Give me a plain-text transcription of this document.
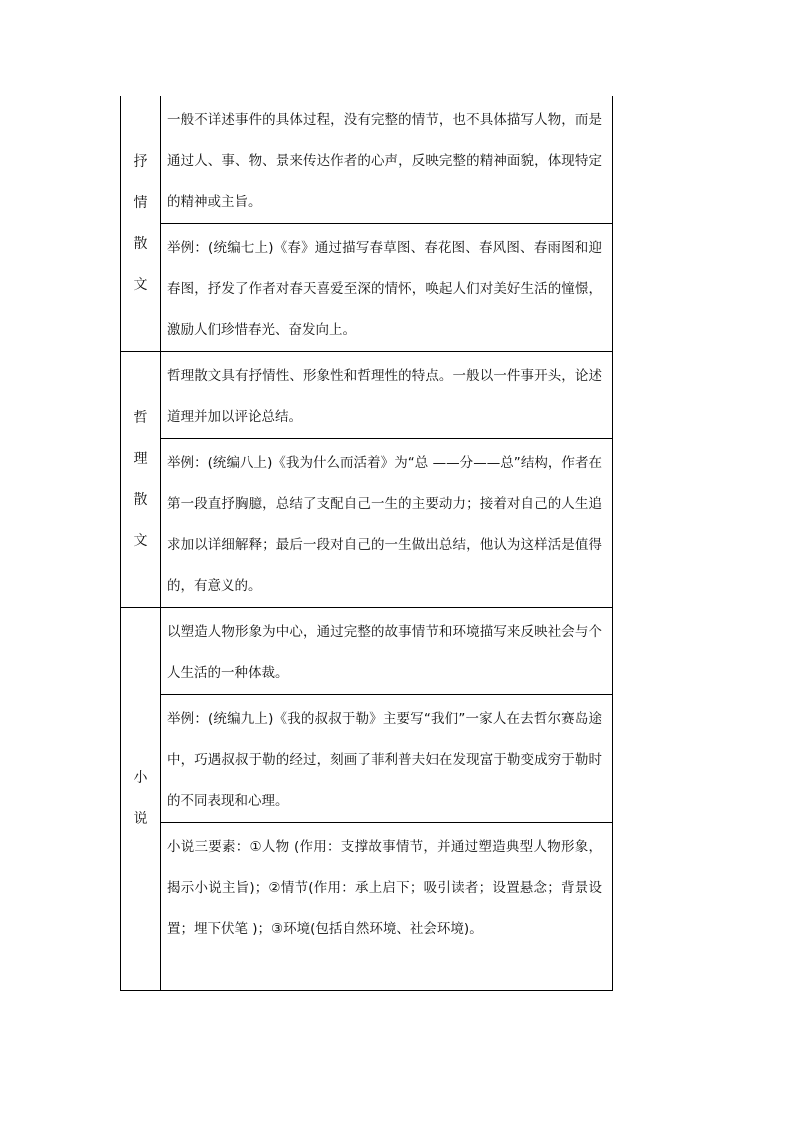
抒
情
散
文	一般不详述事件的具体过程，没有完整的情节，也不具体描写人物，而是通过人、事、物、景来传达作者的心声，反映完整的精神面貌，体现特定的精神或主旨。
	举例：(统编七上)《春》通过描写春草图、春花图、春风图、春雨图和迎春图，抒发了作者对春天喜爱至深的情怀，唤起人们对美好生活的憧憬，激励人们珍惜春光、奋发向上。

哲
理
散
文	哲理散文具有抒情性、形象性和哲理性的特点。一般以一件事开头，论述道理并加以评论总结。
	举例：(统编八上)《我为什么而活着》为“总 ——分——总”结构，作者在第一段直抒胸臆，总结了支配自己一生的主要动力；接着对自己的人生追求加以详细解释；最后一段对自己的一生做出总结，他认为这样活是值得的，有意义的。

小
说	以塑造人物形象为中心，通过完整的故事情节和环境描写来反映社会与个人生活的一种体裁。
	举例：(统编九上)《我的叔叔于勒》主要写“我们”一家人在去哲尔赛岛途中，巧遇叔叔于勒的经过，刻画了菲利普夫妇在发现富于勒变成穷于勒时的不同表现和心理。
	小说三要素：①人物 (作用：支撑故事情节，并通过塑造典型人物形象，揭示小说主旨)；②情节(作用：承上启下；吸引读者；设置悬念；背景设置；埋下伏笔 )；③环境(包括自然环境、社会环境)。
